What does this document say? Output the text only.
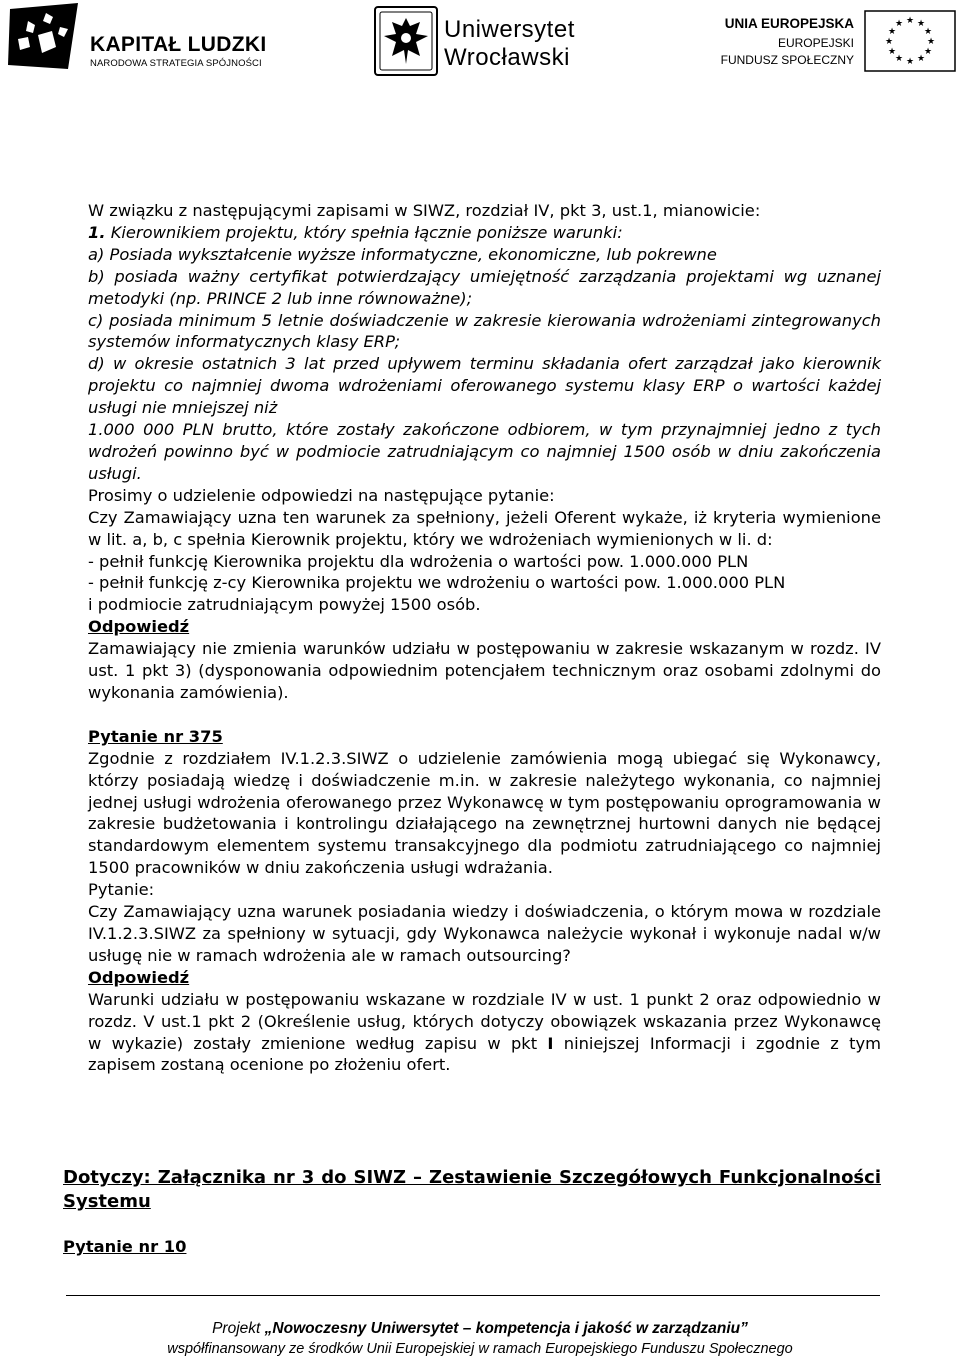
KAPITAŁ LUDZKI
NARODOWA STRATEGIA SPÓJNOŚCI
Uniwersytet
Wrocławski
UNIA EUROPEJSKA
EUROPEJSKI
FUNDUSZ SPOŁECZNY
★ ★
★
★
★
★
★
★
★
★
★
★

W związku z następującymi zapisami w SIWZ, rozdział IV, pkt 3, ust.1, mianowicie:

1. Kierownikiem projektu, który spełnia łącznie poniższe warunki:

a) Posiada wykształcenie wyższe informatyczne, ekonomiczne, lub pokrewne

b) posiada ważny certyfikat potwierdzający umiejętność zarządzania projektami wg uznanej metodyki (np. PRINCE 2 lub inne równoważne);

c) posiada minimum 5 letnie doświadczenie w zakresie kierowania wdrożeniami zintegrowanych systemów informatycznych klasy ERP;

d) w okresie ostatnich 3 lat przed upływem terminu składania ofert zarządzał jako kierownik projektu co najmniej dwoma wdrożeniami oferowanego systemu klasy ERP o wartości każdej usługi nie mniejszej niż

1.000 000 PLN brutto, które zostały zakończone odbiorem, w tym przynajmniej jedno z tych wdrożeń powinno być w podmiocie zatrudniającym co najmniej 1500 osób w dniu zakończenia usługi.

Prosimy o udzielenie odpowiedzi na następujące pytanie:

Czy Zamawiający uzna ten warunek za spełniony, jeżeli Oferent wykaże, iż kryteria wymienione w lit. a, b, c spełnia Kierownik projektu, który we wdrożeniach wymienionych w li. d:

- pełnił funkcję Kierownika projektu dla wdrożenia o wartości pow. 1.000.000 PLN

- pełnił funkcję z-cy Kierownika projektu we wdrożeniu o wartości pow. 1.000.000 PLN

i podmiocie zatrudniającym powyżej 1500 osób.

Odpowiedź

Zamawiający nie zmienia warunków udziału w postępowaniu w zakresie wskazanym w rozdz. IV ust. 1 pkt 3) (dysponowania odpowiednim potencjałem technicznym oraz osobami zdolnymi do wykonania zamówienia).

Pytanie nr 375

Zgodnie z rozdziałem IV.1.2.3.SIWZ o udzielenie zamówienia mogą ubiegać się Wykonawcy, którzy posiadają wiedzę i doświadczenie m.in. w zakresie należytego wykonania, co najmniej jednej usługi wdrożenia oferowanego przez Wykonawcę w tym postępowaniu oprogramowania w zakresie budżetowania i kontrolingu działającego na zewnętrznej hurtowni danych nie będącej standardowym elementem systemu transakcyjnego dla podmiotu zatrudniającego co najmniej 1500 pracowników w dniu zakończenia usługi wdrażania.

Pytanie:

Czy Zamawiający uzna warunek posiadania wiedzy i doświadczenia, o którym mowa w rozdziale IV.1.2.3.SIWZ za spełniony w sytuacji, gdy Wykonawca należycie wykonał i wykonuje nadal w/w usługę nie w ramach wdrożenia ale w ramach outsourcing?

Odpowiedź

Warunki udziału w postępowaniu wskazane w rozdziale IV w ust. 1 punkt 2 oraz odpowiednio w rozdz. V ust.1 pkt 2 (Określenie usług, których dotyczy obowiązek wskazania przez Wykonawcę w wykazie) zostały zmienione według zapisu w pkt I niniejszej Informacji i zgodnie z tym zapisem zostaną ocenione po złożeniu ofert.

Dotyczy: Załącznika nr 3 do SIWZ – Zestawienie Szczegółowych Funkcjonalności Systemu
Pytanie nr 10
Projekt „Nowoczesny Uniwersytet – kompetencja i jakość w zarządzaniu”
współfinansowany ze środków Unii Europejskiej w ramach Europejskiego Funduszu Społecznego
